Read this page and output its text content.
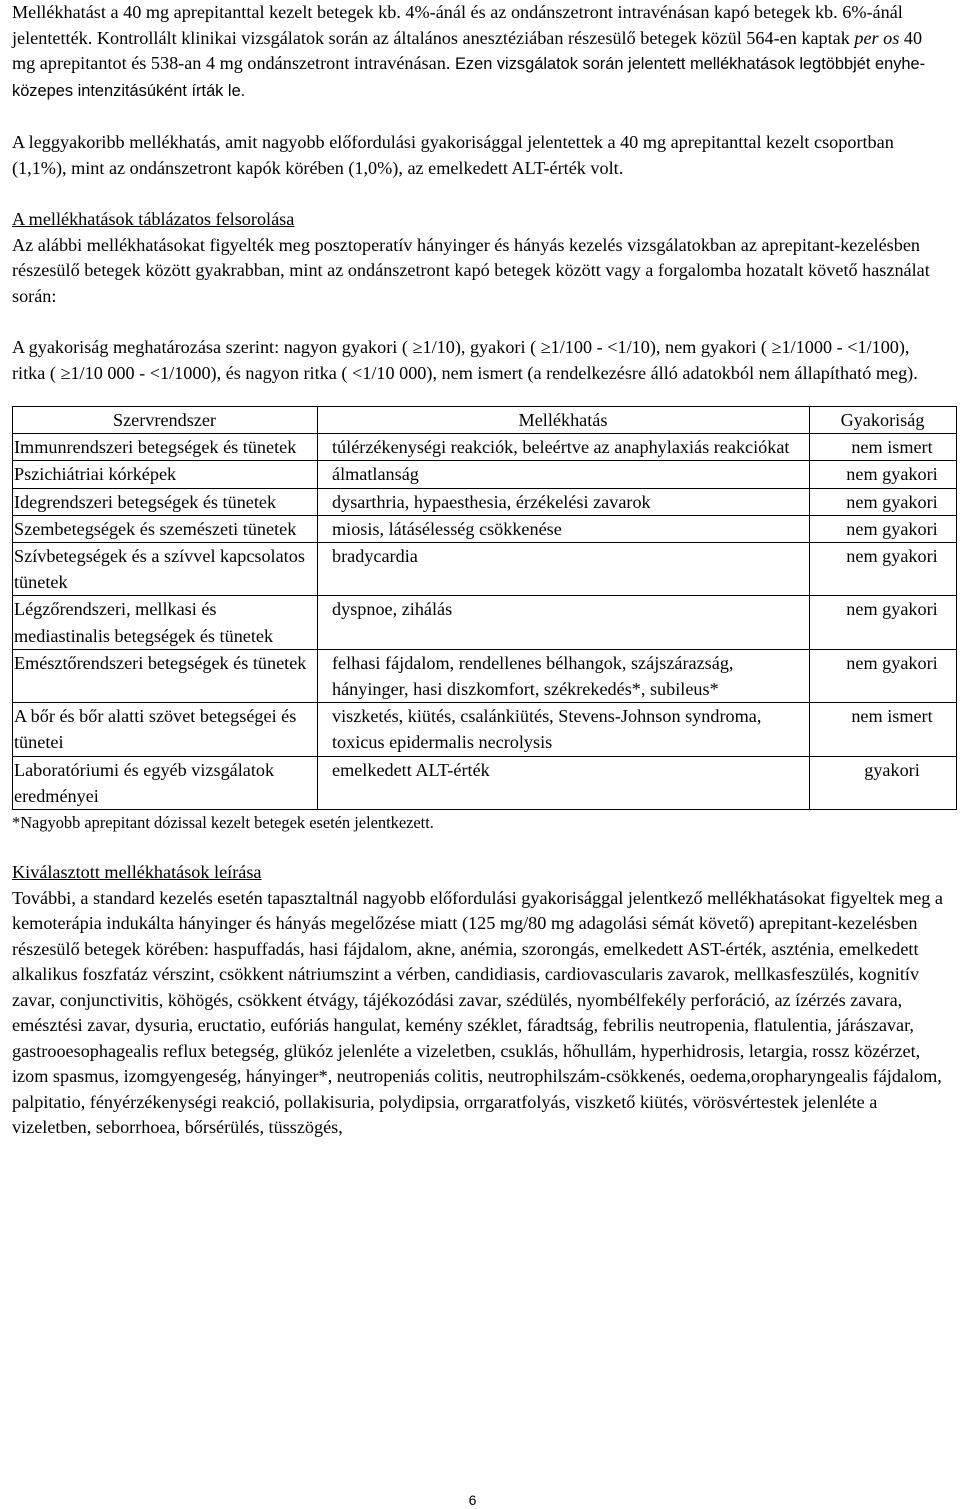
Mellékhatást a 40 mg aprepitanttal kezelt betegek kb. 4%-ánál és az ondánszetront intravénásan kapó betegek kb. 6%-ánál jelentették. Kontrollált klinikai vizsgálatok során az általános anesztéziában részesülő betegek közül 564-en kaptak per os 40 mg aprepitantot és 538-an 4 mg ondánszetront intravénásan. Ezen vizsgálatok során jelentett mellékhatások legtöbbjét enyhe-közepes intenzitásúként írták le.

A leggyakoribb mellékhatás, amit nagyobb előfordulási gyakorisággal jelentettek a 40 mg aprepitanttal kezelt csoportban (1,1%), mint az ondánszetront kapók körében (1,0%), az emelkedett ALT-érték volt.

A mellékhatások táblázatos felsorolása

Az alábbi mellékhatásokat figyelték meg posztoperatív hányinger és hányás kezelés vizsgálatokban az aprepitant-kezelésben részesülő betegek között gyakrabban, mint az ondánszetront kapó betegek között vagy a forgalomba hozatalt követő használat során:

A gyakoriság meghatározása szerint: nagyon gyakori ( ≥1/10), gyakori ( ≥1/100 - <1/10), nem gyakori ( ≥1/1000 - <1/100), ritka ( ≥1/10 000 - <1/1000), és nagyon ritka ( <1/10 000), nem ismert (a rendelkezésre álló adatokból nem állapítható meg).

Szervrendszer	Mellékhatás	Gyakoriság
Immunrendszeri betegségek és tünetek	túlérzékenységi reakciók, beleértve az anaphylaxiás reakciókat	nem ismert
Pszichiátriai kórképek	álmatlanság	nem gyakori
Idegrendszeri betegségek és tünetek	dysarthria, hypaesthesia, érzékelési zavarok	nem gyakori
Szembetegségek és szemészeti tünetek	miosis, látásélesség csökkenése	nem gyakori
Szívbetegségek és a szívvel kapcsolatos tünetek	bradycardia	nem gyakori
Légzőrendszeri, mellkasi és mediastinalis betegségek és tünetek	dyspnoe, zihálás	nem gyakori
Emésztőrendszeri betegségek és tünetek	felhasi fájdalom, rendellenes bélhangok, szájszárazság, hányinger, hasi diszkomfort, székrekedés*, subileus*	nem gyakori
A bőr és bőr alatti szövet betegségei és tünetei	viszketés, kiütés, csalánkiütés, Stevens-Johnson syndroma, toxicus epidermalis necrolysis	nem ismert
Laboratóriumi és egyéb vizsgálatok eredményei	emelkedett ALT-érték	gyakori

*Nagyobb aprepitant dózissal kezelt betegek esetén jelentkezett.

Kiválasztott mellékhatások leírása

További, a standard kezelés esetén tapasztaltnál nagyobb előfordulási gyakorisággal jelentkező mellékhatásokat figyeltek meg a kemoterápia indukálta hányinger és hányás megelőzése miatt (125 mg/80 mg adagolási sémát követő) aprepitant-kezelésben részesülő betegek körében: haspuffadás, hasi fájdalom, akne, anémia, szorongás, emelkedett AST-érték, aszténia, emelkedett alkalikus foszfatáz vérszint, csökkent nátriumszint a vérben, candidiasis, cardiovascularis zavarok, mellkasfeszülés, kognitív zavar, conjunctivitis, köhögés, csökkent étvágy, tájékozódási zavar, szédülés, nyombélfekély perforáció, az ízérzés zavara, emésztési zavar, dysuria, eructatio, eufóriás hangulat, kemény széklet, fáradtság, febrilis neutropenia, flatulentia, járászavar, gastrooesophagealis reflux betegség, glükóz jelenléte a vizeletben, csuklás, hőhullám, hyperhidrosis, letargia, rossz közérzet, izom spasmus, izomgyengeség, hányinger*, neutropeniás colitis, neutrophilszám-csökkenés, oedema,oropharyngealis fájdalom, palpitatio, fényérzékenységi reakció, pollakisuria, polydipsia, orrgaratfolyás, viszkető kiütés, vörösvértestek jelenléte a vizeletben, seborrhoea, bőrsérülés, tüsszögés,

6
